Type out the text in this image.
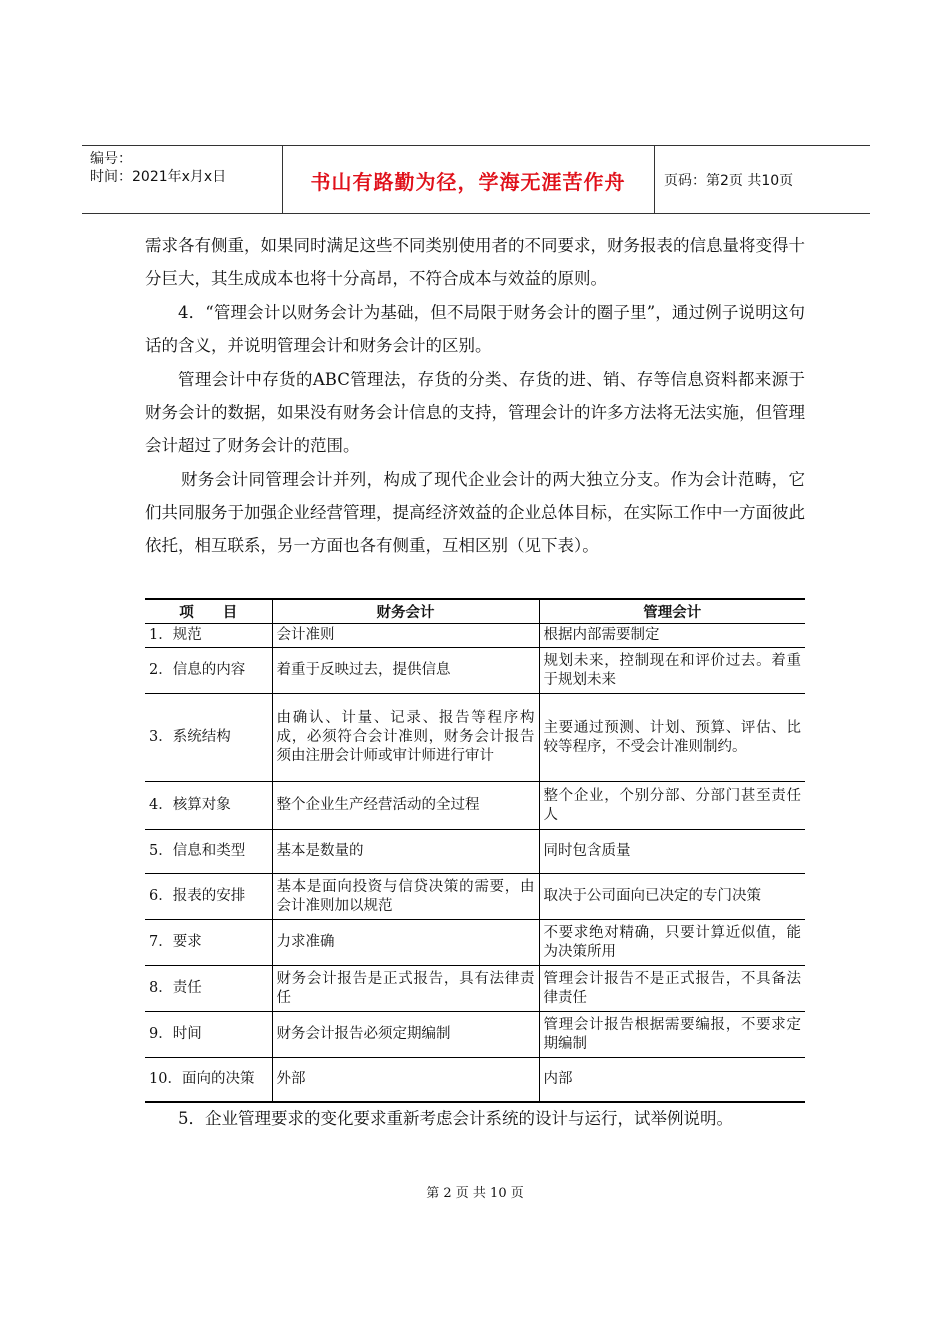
编号：
时间：2021年x月x日	书山有路勤为径，学海无涯苦作舟	页码：第2页 共10页

需求各有侧重，如果同时满足这些不同类别使用者的不同要求，财务报表的信息量将变得十分巨大，其生成成本也将十分高昂，不符合成本与效益的原则。

4．“管理会计以财务会计为基础，但不局限于财务会计的圈子里”，通过例子说明这句话的含义，并说明管理会计和财务会计的区别。

管理会计中存货的ABC管理法，存货的分类、存货的进、销、存等信息资料都来源于财务会计的数据，如果没有财务会计信息的支持，管理会计的许多方法将无法实施，但管理会计超过了财务会计的范围。

财务会计同管理会计并列，构成了现代企业会计的两大独立分支。作为会计范畴，它们共同服务于加强企业经营管理，提高经济效益的企业总体目标，在实际工作中一方面彼此依托，相互联系，另一方面也各有侧重，互相区别（见下表）。

项　　目	财务会计	管理会计
1．规范	会计准则	根据内部需要制定
2．信息的内容	着重于反映过去，提供信息	规划未来，控制现在和评价过去。着重于规划未来
3．系统结构	由确认、计量、记录、报告等程序构成，必须符合会计准则，财务会计报告须由注册会计师或审计师进行审计	主要通过预测、计划、预算、评估、比较等程序，不受会计准则制约。
4．核算对象	整个企业生产经营活动的全过程	整个企业，个别分部、分部门甚至责任人
5．信息和类型	基本是数量的	同时包含质量
6．报表的安排	基本是面向投资与信贷决策的需要，由会计准则加以规范	取决于公司面向已决定的专门决策
7．要求	力求准确	不要求绝对精确，只要计算近似值，能为决策所用
8．责任	财务会计报告是正式报告，具有法律责任	管理会计报告不是正式报告，不具备法律责任
9．时间	财务会计报告必须定期编制	管理会计报告根据需要编报，不要求定期编制
10．面向的决策	外部	内部

5．企业管理要求的变化要求重新考虑会计系统的设计与运行，试举例说明。

第 2 页 共 10 页
